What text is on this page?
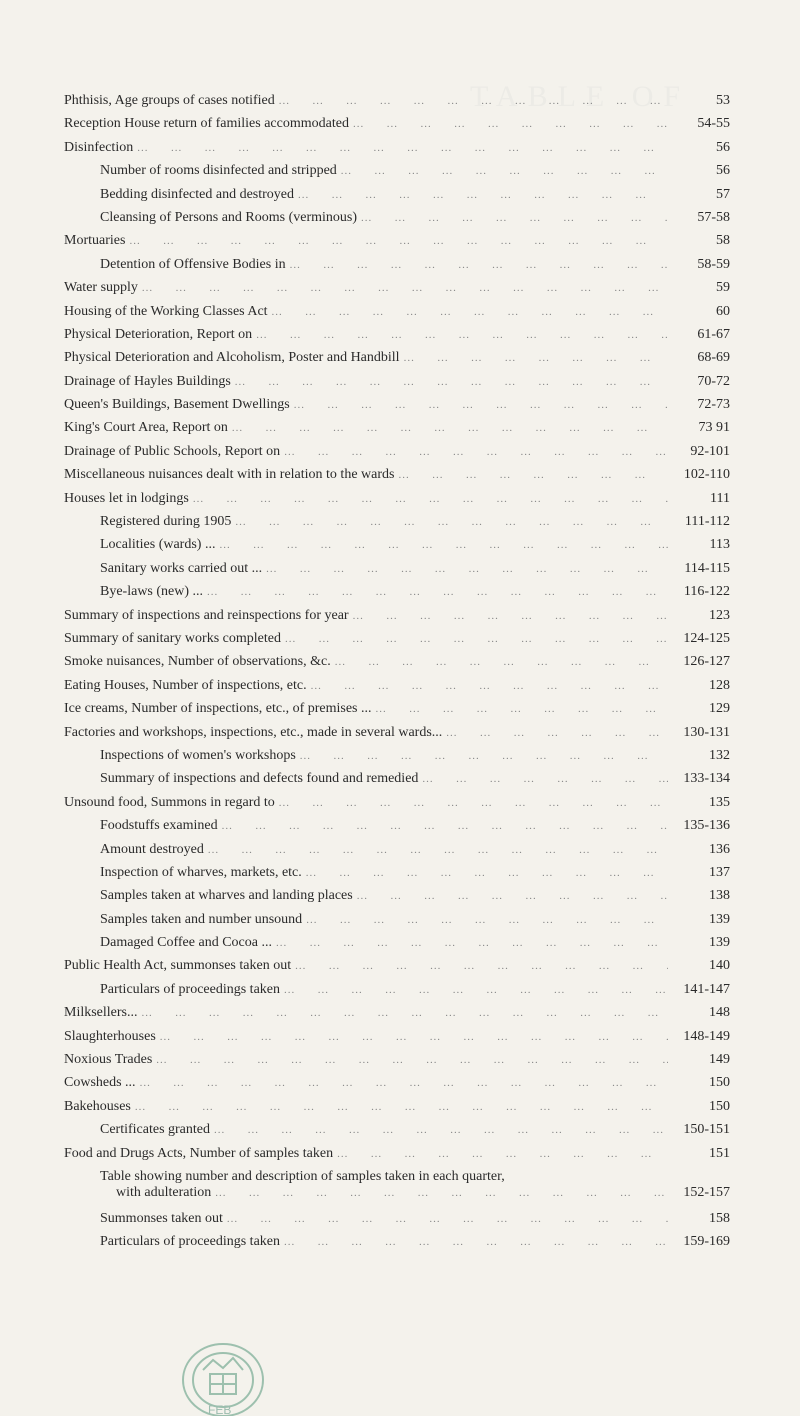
TABLE OF
Phthisis, Age groups of cases notified ...	53
Reception House return of families accommodated ...	54-55
Disinfection ...	56
Number of rooms disinfected and stripped ...	56
Bedding disinfected and destroyed ...	57
Cleansing of Persons and Rooms (verminous) ...	57-58
Mortuaries ...	58
Detention of Offensive Bodies in ...	58-59
Water supply ...	59
Housing of the Working Classes Act ...	60
Physical Deterioration, Report on ...	61-67
Physical Deterioration and Alcoholism, Poster and Handbill ...	68-69
Drainage of Hayles Buildings ...	70-72
Queen's Buildings, Basement Dwellings ...	72-73
King's Court Area, Report on ...	73 91
Drainage of Public Schools, Report on ...	92-101
Miscellaneous nuisances dealt with in relation to the wards ...	102-110
Houses let in lodgings ...	111
Registered during 1905 ...	111-112
Localities (wards) ... ...	113
Sanitary works carried out ... ...	114-115
Bye-laws (new) ... ...	116-122
Summary of inspections and reinspections for year ...	123
Summary of sanitary works completed ...	124-125
Smoke nuisances, Number of observations, &c. ...	126-127
Eating Houses, Number of inspections, etc. ...	128
Ice creams, Number of inspections, etc., of premises ... ...	129
Factories and workshops, inspections, etc., made in several wards... ...	130-131
Inspections of women's workshops ...	132
Summary of inspections and defects found and remedied ...	133-134
Unsound food, Summons in regard to ...	135
Foodstuffs examined ...	135-136
Amount destroyed ...	136
Inspection of wharves, markets, etc. ...	137
Samples taken at wharves and landing places ...	138
Samples taken and number unsound ...	139
Damaged Coffee and Cocoa ... ...	139
Public Health Act, summonses taken out ...	140
Particulars of proceedings taken ...	141-147
Milksellers... ...	148
Slaughterhouses ...	148-149
Noxious Trades ...	149
Cowsheds ... ...	150
Bakehouses ...	150
Certificates granted ...	150-151
Food and Drugs Acts, Number of samples taken ...	151
Table showing number and description of samples taken in each quarter,
with adulteration ...	152-157
Summonses taken out ...	158
Particulars of proceedings taken ...	159-169
FEB
